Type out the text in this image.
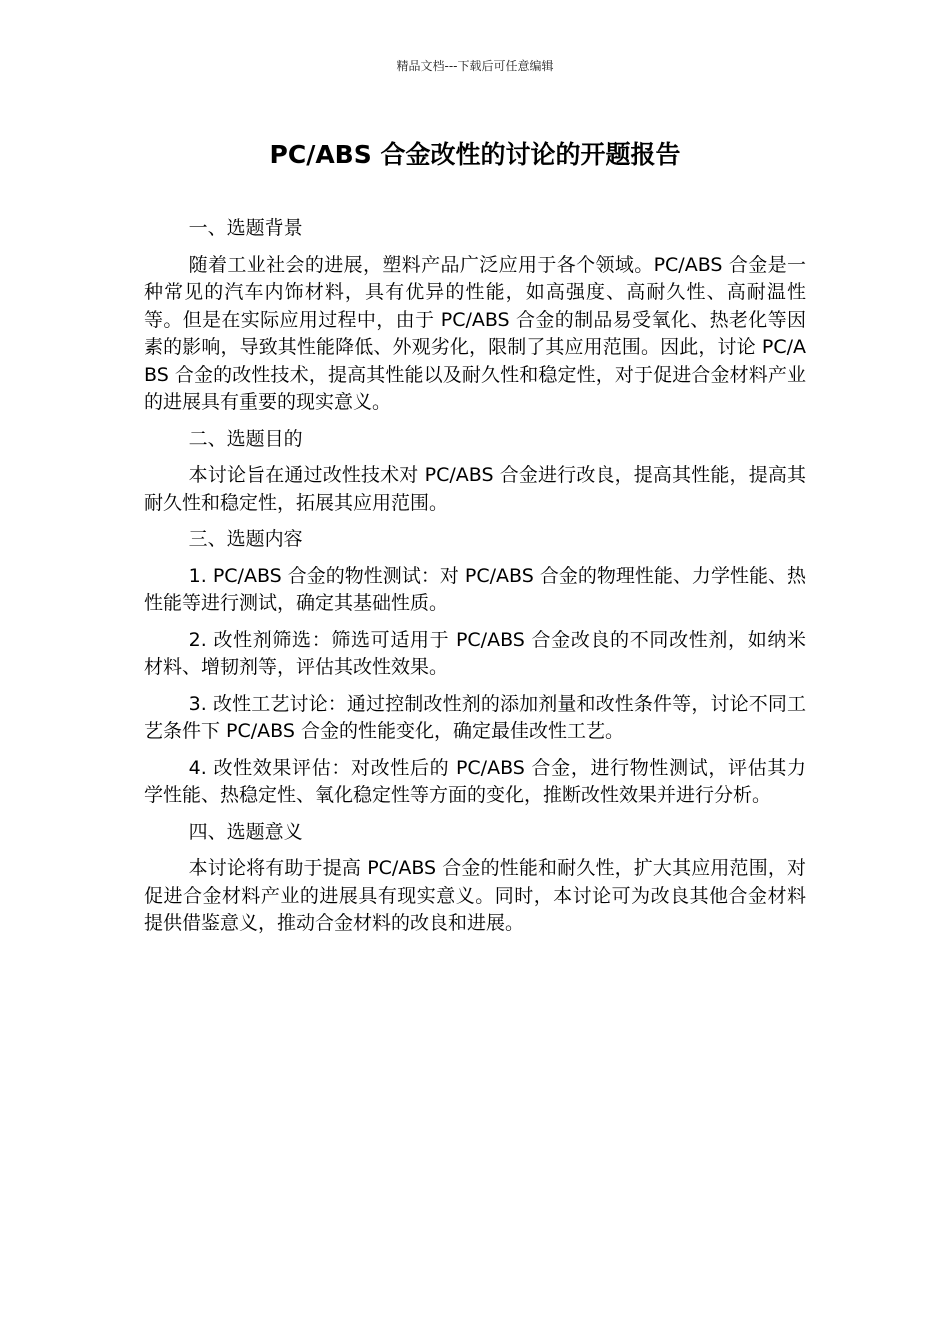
精品文档---下载后可任意编辑
PC/ABS 合金改性的讨论的开题报告

一、选题背景

随着工业社会的进展，塑料产品广泛应用于各个领域。PC/ABS 合金是一种常见的汽车内饰材料，具有优异的性能，如高强度、高耐久性、高耐温性等。但是在实际应用过程中，由于 PC/ABS 合金的制品易受氧化、热老化等因素的影响，导致其性能降低、外观劣化，限制了其应用范围。因此，讨论 PC/ABS 合金的改性技术，提高其性能以及耐久性和稳定性，对于促进合金材料产业的进展具有重要的现实意义。

二、选题目的

本讨论旨在通过改性技术对 PC/ABS 合金进行改良，提高其性能，提高其耐久性和稳定性，拓展其应用范围。

三、选题内容

1. PC/ABS 合金的物性测试：对 PC/ABS 合金的物理性能、力学性能、热性能等进行测试，确定其基础性质。

2. 改性剂筛选：筛选可适用于 PC/ABS 合金改良的不同改性剂，如纳米材料、增韧剂等，评估其改性效果。

3. 改性工艺讨论：通过控制改性剂的添加剂量和改性条件等，讨论不同工艺条件下 PC/ABS 合金的性能变化，确定最佳改性工艺。

4. 改性效果评估：对改性后的 PC/ABS 合金，进行物性测试，评估其力学性能、热稳定性、氧化稳定性等方面的变化，推断改性效果并进行分析。

四、选题意义

本讨论将有助于提高 PC/ABS 合金的性能和耐久性，扩大其应用范围，对促进合金材料产业的进展具有现实意义。同时，本讨论可为改良其他合金材料提供借鉴意义，推动合金材料的改良和进展。
